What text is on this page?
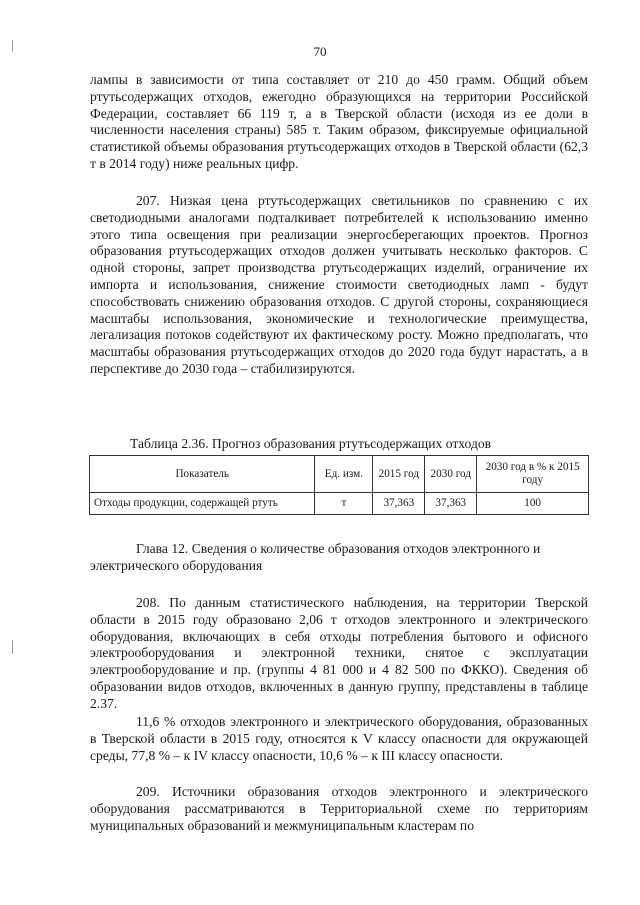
70

лампы в зависимости от типа составляет от 210 до 450 грамм. Общий объем ртутьсодержащих отходов, ежегодно образующихся на территории Российской Федерации, составляет 66 119 т, а в Тверской области (исходя из ее доли в численности населения страны) 585 т. Таким образом, фиксируемые официальной статистикой объемы образования ртутьсодержащих отходов в Тверской области (62,3 т в 2014 году) ниже реальных цифр.

207. Низкая цена ртутьсодержащих светильников по сравнению с их светодиодными аналогами подталкивает потребителей к использованию именно этого типа освещения при реализации энергосберегающих проектов. Прогноз образования ртутьсодержащих отходов должен учитывать несколько факторов. С одной стороны, запрет производства ртутьсодержащих изделий, ограничение их импорта и использования, снижение стоимости светодиодных ламп - будут способствовать снижению образования отходов. С другой стороны, сохраняющиеся масштабы использования, экономические и технологические преимущества, легализация потоков содействуют их фактическому росту. Можно предполагать, что масштабы образования ртутьсодержащих отходов до 2020 года будут нарастать, а в перспективе до 2030 года – стабилизируются.

Таблица 2.36. Прогноз образования ртутьсодержащих отходов
Показатель	Ед. изм.	2015 год	2030 год	2030 год в % к 2015 году
Отходы продукции, содержащей ртуть	т	37,363	37,363	100

Глава 12. Сведения о количестве образования отходов электронного и электрического оборудования

208. По данным статистического наблюдения, на территории Тверской области в 2015 году образовано 2,06 т отходов электронного и электрического оборудования, включающих в себя отходы потребления бытового и офисного электрооборудования и электронной техники, снятое с эксплуатации электрооборудование и пр. (группы 4 81 000 и 4 82 500 по ФККО). Сведения об образовании видов отходов, включенных в данную группу, представлены в таблице 2.37.

11,6 % отходов электронного и электрического оборудования, образованных в Тверской области в 2015 году, относятся к V классу опасности для окружающей среды, 77,8 % – к IV классу опасности, 10,6 % – к III классу опасности.

209. Источники образования отходов электронного и электрического оборудования рассматриваются в Территориальной схеме по территориям муниципальных образований и межмуниципальным кластерам по
